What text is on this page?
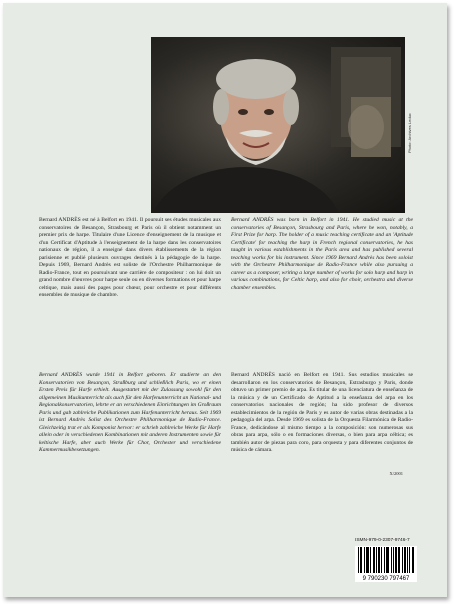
Photo: Archives Leduc

Bernard ANDRÈS est né à Belfort en 1941. Il poursuit ses études musicales aux conservatoires de Besançon, Strasbourg et Paris où il obtient notamment un premier prix de harpe. Titulaire d'une Licence d'enseignement de la musique et d'un Certificat d'Aptitude à l'enseignement de la harpe dans les conservatoires nationaux de région, il a enseigné dans divers établissements de la région parisienne et publié plusieurs ouvrages destinés à la pédagogie de la harpe. Depuis 1969, Bernard Andrès est soliste de l'Orchestre Philharmonique de Radio-France, tout en poursuivant une carrière de compositeur : on lui doit un grand nombre d'œuvres pour harpe seule ou en diverses formations et pour harpe celtique, mais aussi des pages pour chœur, pour orchestre et pour différents ensembles de musique de chambre.

Bernard ANDRÈS was born in Belfort in 1941. He studied music at the conservatories of Besançon, Strasbourg and Paris, where he won, notably, a First Prize for harp. The holder of a music teaching certificate and an 'Aptitude Certificate' for teaching the harp in French regional conservatories, he has taught in various establishments in the Paris area and has published several teaching works for his instrument. Since 1969 Bernard Andrès has been soloist with the Orchestre Philharmonique de Radio-France while also pursuing a career as a composer, writing a large number of works for solo harp and harp in various combinations, for Celtic harp, and also for choir, orchestra and diverse chamber ensembles.

Bernard ANDRÈS wurde 1941 in Belfort geboren. Er studierte an den Konservatorien von Besançon, Straßburg und schließlich Paris, wo er einen Ersten Preis für Harfe erhielt. Ausgestattet mit der Zulassung sowohl für den allgemeinen Musikunterricht als auch für den Harfenunterricht an National- und Regionalkonservatorien, lehrte er an verschiedenen Einrichtungen im Großraum Paris und gab zahlreiche Publikationen zum Harfenunterricht heraus. Seit 1969 ist Bernard Andrès Solist des Orchestre Philharmonique de Radio-France. Gleichzeitig trat er als Komponist hervor: er schrieb zahlreiche Werke für Harfe allein oder in verschiedenen Kombinationen mit anderen Instrumenten sowie für keltische Harfe, aber auch Werke für Chor, Orchester und verschiedene Kammermusikbesetzungen.

Bernard ANDRÈS nació en Belfort en 1941. Sus estudios musicales se desarrollaron en los conservatorios de Besançon, Estrasburgo y Paris, donde obtuvo un primer premio de arpa. Es titular de una licenciatura de enseñanza de la música y de un Certificado de Aptitud a la enseñanza del arpa en los conservatorios nacionales de región; ha sido profesor de diversos establecimientos de la región de París y es autor de varias obras destinadas a la pedagogía del arpa. Desde 1969 es solista de la Orquesta Filarmónica de Radio-France, dedicándose al mismo tiempo a la composición: son numerosas sus obras para arpa, sólo o en formaciones diversas, o bien para arpa céltica; es también autor de piezas para coro, para orquesta y para diferentes conjuntos de música de cámara.

X/2001
ISMN-979-0-2307-9746-7
9 790230 797467
